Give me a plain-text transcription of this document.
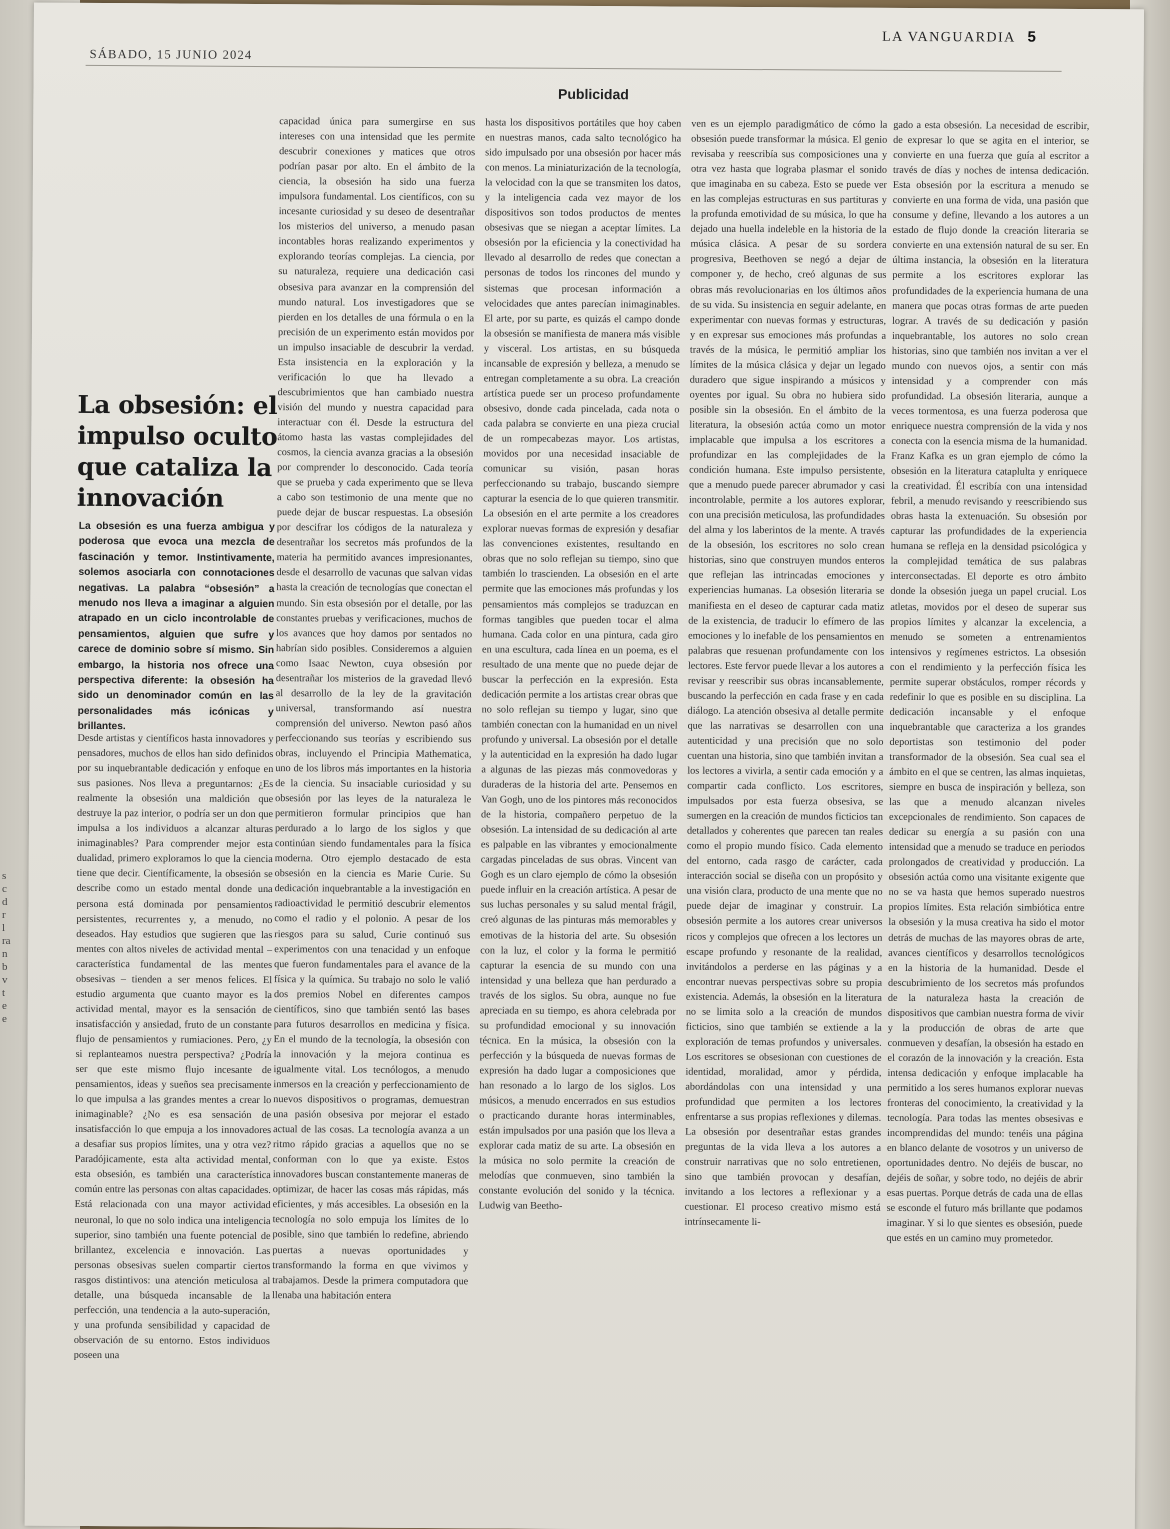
s
c
d
r
l
ra
n
b
v
t
e
e

SÁBADO, 15 JUNIO 2024
LA VANGUARDIA 5
Publicidad
La obsesión: el impulso oculto que cataliza la innovación
La obsesión es una fuerza ambigua y poderosa que evoca una mezcla de fascinación y temor. Instintivamente, solemos asociarla con connotaciones negativas. La palabra “obsesión” a menudo nos lleva a imaginar a alguien atrapado en un ciclo incontrolable de pensamientos, alguien que sufre y carece de dominio sobre sí mismo. Sin embargo, la historia nos ofrece una perspectiva diferente: la obsesión ha sido un denominador común en las personalidades más icónicas y brillantes.
Desde artistas y científicos hasta innovadores y pensadores, muchos de ellos han sido definidos por su inquebrantable dedicación y enfoque en sus pasiones. Nos lleva a preguntarnos: ¿Es realmente la obsesión una maldición que destruye la paz interior, o podría ser un don que impulsa a los individuos a alcanzar alturas inimaginables? Para comprender mejor esta dualidad, primero exploramos lo que la ciencia tiene que decir. Científicamente, la obsesión se describe como un estado mental donde una persona está dominada por pensamientos persistentes, recurrentes y, a menudo, no deseados. Hay estudios que sugieren que las mentes con altos niveles de actividad mental – característica fundamental de las mentes obsesivas – tienden a ser menos felices. El estudio argumenta que cuanto mayor es la actividad mental, mayor es la sensación de insatisfacción y ansiedad, fruto de un constante flujo de pensamientos y rumiaciones. Pero, ¿y si replanteamos nuestra perspectiva? ¿Podría ser que este mismo flujo incesante de pensamientos, ideas y sueños sea precisamente lo que impulsa a las grandes mentes a crear lo inimaginable? ¿No es esa sensación de insatisfacción lo que empuja a los innovadores a desafiar sus propios límites, una y otra vez? Paradójicamente, esta alta actividad mental, esta obsesión, es también una característica común entre las personas con altas capacidades. Está relacionada con una mayor actividad neuronal, lo que no solo indica una inteligencia superior, sino también una fuente potencial de brillantez, excelencia e innovación. Las personas obsesivas suelen compartir ciertos rasgos distintivos: una atención meticulosa al detalle, una búsqueda incansable de la perfección, una tendencia a la auto-superación, y una profunda sensibilidad y capacidad de observación de su entorno. Estos individuos poseen una
capacidad única para sumergirse en sus intereses con una intensidad que les permite descubrir conexiones y matices que otros podrían pasar por alto. En el ámbito de la ciencia, la obsesión ha sido una fuerza impulsora fundamental. Los científicos, con su incesante curiosidad y su deseo de desentrañar los misterios del universo, a menudo pasan incontables horas realizando experimentos y explorando teorías complejas. La ciencia, por su naturaleza, requiere una dedicación casi obsesiva para avanzar en la comprensión del mundo natural. Los investigadores que se pierden en los detalles de una fórmula o en la precisión de un experimento están movidos por un impulso insaciable de descubrir la verdad. Esta insistencia en la exploración y la verificación lo que ha llevado a descubrimientos que han cambiado nuestra visión del mundo y nuestra capacidad para interactuar con él. Desde la estructura del átomo hasta las vastas complejidades del cosmos, la ciencia avanza gracias a la obsesión por comprender lo desconocido. Cada teoría que se prueba y cada experimento que se lleva a cabo son testimonio de una mente que no puede dejar de buscar respuestas. La obsesión por descifrar los códigos de la naturaleza y desentrañar los secretos más profundos de la materia ha permitido avances impresionantes, desde el desarrollo de vacunas que salvan vidas hasta la creación de tecnologías que conectan el mundo. Sin esta obsesión por el detalle, por las constantes pruebas y verificaciones, muchos de los avances que hoy damos por sentados no habrían sido posibles. Consideremos a alguien como Isaac Newton, cuya obsesión por desentrañar los misterios de la gravedad llevó al desarrollo de la ley de la gravitación universal, transformando así nuestra comprensión del universo. Newton pasó años perfeccionando sus teorías y escribiendo sus obras, incluyendo el Principia Mathematica, uno de los libros más importantes en la historia de la ciencia. Su insaciable curiosidad y su obsesión por las leyes de la naturaleza le permitieron formular principios que han perdurado a lo largo de los siglos y que continúan siendo fundamentales para la física moderna. Otro ejemplo destacado de esta obsesión en la ciencia es Marie Curie. Su dedicación inquebrantable a la investigación en radioactividad le permitió descubrir elementos como el radio y el polonio. A pesar de los riesgos para su salud, Curie continuó sus experimentos con una tenacidad y un enfoque que fueron fundamentales para el avance de la física y la química. Su trabajo no solo le valió dos premios Nobel en diferentes campos científicos, sino que también sentó las bases para futuros desarrollos en medicina y física. En el mundo de la tecnología, la obsesión con la innovación y la mejora continua es igualmente vital. Los tecnólogos, a menudo inmersos en la creación y perfeccionamiento de nuevos dispositivos o programas, demuestran una pasión obsesiva por mejorar el estado actual de las cosas. La tecnología avanza a un ritmo rápido gracias a aquellos que no se conforman con lo que ya existe. Estos innovadores buscan constantemente maneras de optimizar, de hacer las cosas más rápidas, más eficientes, y más accesibles. La obsesión en la tecnología no solo empuja los límites de lo posible, sino que también lo redefine, abriendo puertas a nuevas oportunidades y transformando la forma en que vivimos y trabajamos. Desde la primera computadora que llenaba una habitación entera
hasta los dispositivos portátiles que hoy caben en nuestras manos, cada salto tecnológico ha sido impulsado por una obsesión por hacer más con menos. La miniaturización de la tecnología, la velocidad con la que se transmiten los datos, y la inteligencia cada vez mayor de los dispositivos son todos productos de mentes obsesivas que se niegan a aceptar límites. La obsesión por la eficiencia y la conectividad ha llevado al desarrollo de redes que conectan a personas de todos los rincones del mundo y sistemas que procesan información a velocidades que antes parecían inimaginables. El arte, por su parte, es quizás el campo donde la obsesión se manifiesta de manera más visible y visceral. Los artistas, en su búsqueda incansable de expresión y belleza, a menudo se entregan completamente a su obra. La creación artística puede ser un proceso profundamente obsesivo, donde cada pincelada, cada nota o cada palabra se convierte en una pieza crucial de un rompecabezas mayor. Los artistas, movidos por una necesidad insaciable de comunicar su visión, pasan horas perfeccionando su trabajo, buscando siempre capturar la esencia de lo que quieren transmitir. La obsesión en el arte permite a los creadores explorar nuevas formas de expresión y desafiar las convenciones existentes, resultando en obras que no solo reflejan su tiempo, sino que también lo trascienden. La obsesión en el arte permite que las emociones más profundas y los pensamientos más complejos se traduzcan en formas tangibles que pueden tocar el alma humana. Cada color en una pintura, cada giro en una escultura, cada línea en un poema, es el resultado de una mente que no puede dejar de buscar la perfección en la expresión. Esta dedicación permite a los artistas crear obras que no solo reflejan su tiempo y lugar, sino que también conectan con la humanidad en un nivel profundo y universal. La obsesión por el detalle y la autenticidad en la expresión ha dado lugar a algunas de las piezas más conmovedoras y duraderas de la historia del arte. Pensemos en Van Gogh, uno de los pintores más reconocidos de la historia, compañero perpetuo de la obsesión. La intensidad de su dedicación al arte es palpable en las vibrantes y emocionalmente cargadas pinceladas de sus obras. Vincent van Gogh es un claro ejemplo de cómo la obsesión puede influir en la creación artística. A pesar de sus luchas personales y su salud mental frágil, creó algunas de las pinturas más memorables y emotivas de la historia del arte. Su obsesión con la luz, el color y la forma le permitió capturar la esencia de su mundo con una intensidad y una belleza que han perdurado a través de los siglos. Su obra, aunque no fue apreciada en su tiempo, es ahora celebrada por su profundidad emocional y su innovación técnica. En la música, la obsesión con la perfección y la búsqueda de nuevas formas de expresión ha dado lugar a composiciones que han resonado a lo largo de los siglos. Los músicos, a menudo encerrados en sus estudios o practicando durante horas interminables, están impulsados por una pasión que los lleva a explorar cada matiz de su arte. La obsesión en la música no solo permite la creación de melodías que conmueven, sino también la constante evolución del sonido y la técnica. Ludwig van Beetho-
ven es un ejemplo paradigmático de cómo la obsesión puede transformar la música. El genio revisaba y reescribía sus composiciones una y otra vez hasta que lograba plasmar el sonido que imaginaba en su cabeza. Esto se puede ver en las complejas estructuras en sus partituras y la profunda emotividad de su música, lo que ha dejado una huella indeleble en la historia de la música clásica. A pesar de su sordera progresiva, Beethoven se negó a dejar de componer y, de hecho, creó algunas de sus obras más revolucionarias en los últimos años de su vida. Su insistencia en seguir adelante, en experimentar con nuevas formas y estructuras, y en expresar sus emociones más profundas a través de la música, le permitió ampliar los límites de la música clásica y dejar un legado duradero que sigue inspirando a músicos y oyentes por igual. Su obra no hubiera sido posible sin la obsesión. En el ámbito de la literatura, la obsesión actúa como un motor implacable que impulsa a los escritores a profundizar en las complejidades de la condición humana. Este impulso persistente, que a menudo puede parecer abrumador y casi incontrolable, permite a los autores explorar, con una precisión meticulosa, las profundidades del alma y los laberintos de la mente. A través de la obsesión, los escritores no solo crean historias, sino que construyen mundos enteros que reflejan las intrincadas emociones y experiencias humanas. La obsesión literaria se manifiesta en el deseo de capturar cada matiz de la existencia, de traducir lo efímero de las emociones y lo inefable de los pensamientos en palabras que resuenan profundamente con los lectores. Este fervor puede llevar a los autores a revisar y reescribir sus obras incansablemente, buscando la perfección en cada frase y en cada diálogo. La atención obsesiva al detalle permite que las narrativas se desarrollen con una autenticidad y una precisión que no solo cuentan una historia, sino que también invitan a los lectores a vivirla, a sentir cada emoción y a compartir cada conflicto. Los escritores, impulsados por esta fuerza obsesiva, se sumergen en la creación de mundos ficticios tan detallados y coherentes que parecen tan reales como el propio mundo físico. Cada elemento del entorno, cada rasgo de carácter, cada interacción social se diseña con un propósito y una visión clara, producto de una mente que no puede dejar de imaginar y construir. La obsesión permite a los autores crear universos ricos y complejos que ofrecen a los lectores un escape profundo y resonante de la realidad, invitándolos a perderse en las páginas y a encontrar nuevas perspectivas sobre su propia existencia. Además, la obsesión en la literatura no se limita solo a la creación de mundos ficticios, sino que también se extiende a la exploración de temas profundos y universales. Los escritores se obsesionan con cuestiones de identidad, moralidad, amor y pérdida, abordándolas con una intensidad y una profundidad que permiten a los lectores enfrentarse a sus propias reflexiones y dilemas. La obsesión por desentrañar estas grandes preguntas de la vida lleva a los autores a construir narrativas que no solo entretienen, sino que también provocan y desafían, invitando a los lectores a reflexionar y a cuestionar. El proceso creativo mismo está intrínsecamente li-
gado a esta obsesión. La necesidad de escribir, de expresar lo que se agita en el interior, se convierte en una fuerza que guía al escritor a través de días y noches de intensa dedicación. Esta obsesión por la escritura a menudo se convierte en una forma de vida, una pasión que consume y define, llevando a los autores a un estado de flujo donde la creación literaria se convierte en una extensión natural de su ser. En última instancia, la obsesión en la literatura permite a los escritores explorar las profundidades de la experiencia humana de una manera que pocas otras formas de arte pueden lograr. A través de su dedicación y pasión inquebrantable, los autores no solo crean historias, sino que también nos invitan a ver el mundo con nuevos ojos, a sentir con más intensidad y a comprender con más profundidad. La obsesión literaria, aunque a veces tormentosa, es una fuerza poderosa que enriquece nuestra comprensión de la vida y nos conecta con la esencia misma de la humanidad. Franz Kafka es un gran ejemplo de cómo la obsesión en la literatura cataplulta y enriquece la creatividad. Él escribía con una intensidad febril, a menudo revisando y reescribiendo sus obras hasta la extenuación. Su obsesión por capturar las profundidades de la experiencia humana se refleja en la densidad psicológica y la complejidad temática de sus palabras interconsectadas. El deporte es otro ámbito donde la obsesión juega un papel crucial. Los atletas, movidos por el deseo de superar sus propios límites y alcanzar la excelencia, a menudo se someten a entrenamientos intensivos y regímenes estrictos. La obsesión con el rendimiento y la perfección física les permite superar obstáculos, romper récords y redefinir lo que es posible en su disciplina. La dedicación incansable y el enfoque inquebrantable que caracteriza a los grandes deportistas son testimonio del poder transformador de la obsesión. Sea cual sea el ámbito en el que se centren, las almas inquietas, siempre en busca de inspiración y belleza, son las que a menudo alcanzan niveles excepcionales de rendimiento. Son capaces de dedicar su energía a su pasión con una intensidad que a menudo se traduce en periodos prolongados de creatividad y producción. La obsesión actúa como una visitante exigente que no se va hasta que hemos superado nuestros propios límites. Esta relación simbiótica entre la obsesión y la musa creativa ha sido el motor detrás de muchas de las mayores obras de arte, avances científicos y desarrollos tecnológicos en la historia de la humanidad. Desde el descubrimiento de los secretos más profundos de la naturaleza hasta la creación de dispositivos que cambian nuestra forma de vivir y la producción de obras de arte que conmueven y desafían, la obsesión ha estado en el corazón de la innovación y la creación. Esta intensa dedicación y enfoque implacable ha permitido a los seres humanos explorar nuevas fronteras del conocimiento, la creatividad y la tecnología. Para todas las mentes obsesivas e incomprendidas del mundo: tenéis una página en blanco delante de vosotros y un universo de oportunidades dentro. No dejéis de buscar, no dejéis de soñar, y sobre todo, no dejéis de abrir esas puertas. Porque detrás de cada una de ellas se esconde el futuro más brillante que podamos imaginar. Y si lo que sientes es obsesión, puede que estés en un camino muy prometedor.
